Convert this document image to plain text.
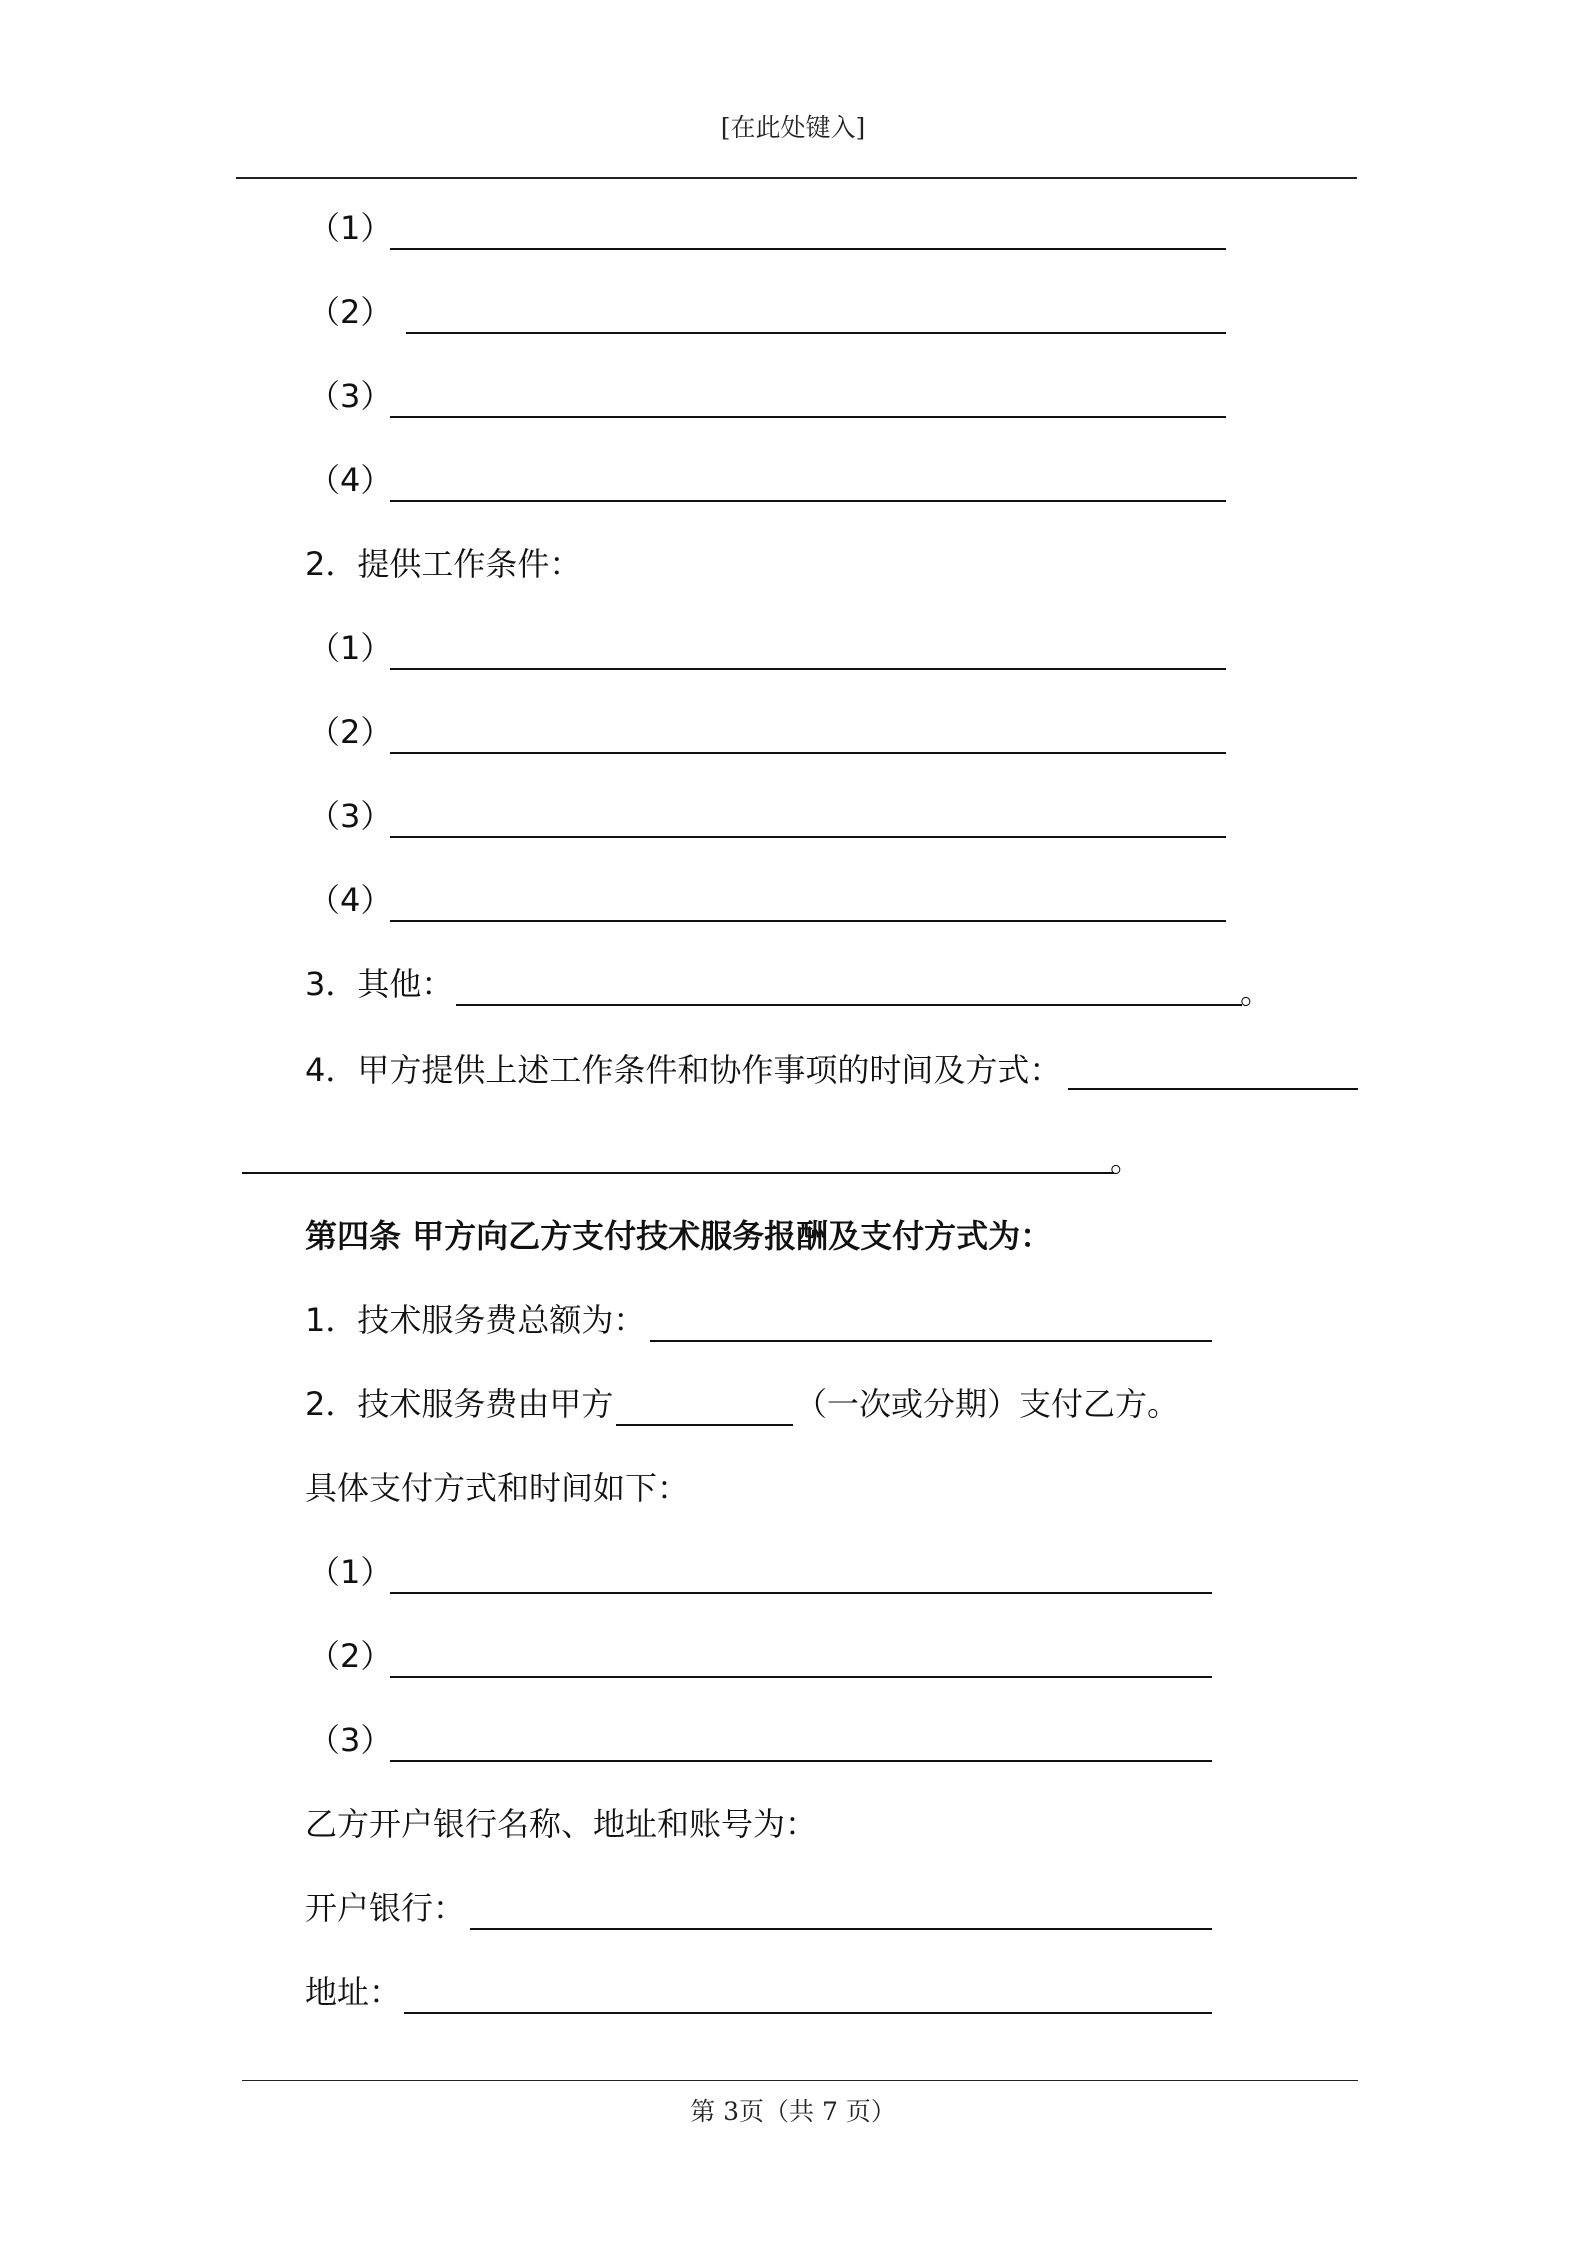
[在此处键入]
（1）
（2）
（3）
（4）
2．提供工作条件：
（1）
（2）
（3）
（4）
3．其他：	。
4．甲方提供上述工作条件和协作事项的时间及方式：
。
第四条 甲方向乙方支付技术服务报酬及支付方式为：
1．技术服务费总额为：
2．技术服务费由甲方	（一次或分期）支付乙方。
具体支付方式和时间如下：
（1）
（2）
（3）
乙方开户银行名称、地址和账号为：
开户银行：
地址：
第 3页（共 7 页）
